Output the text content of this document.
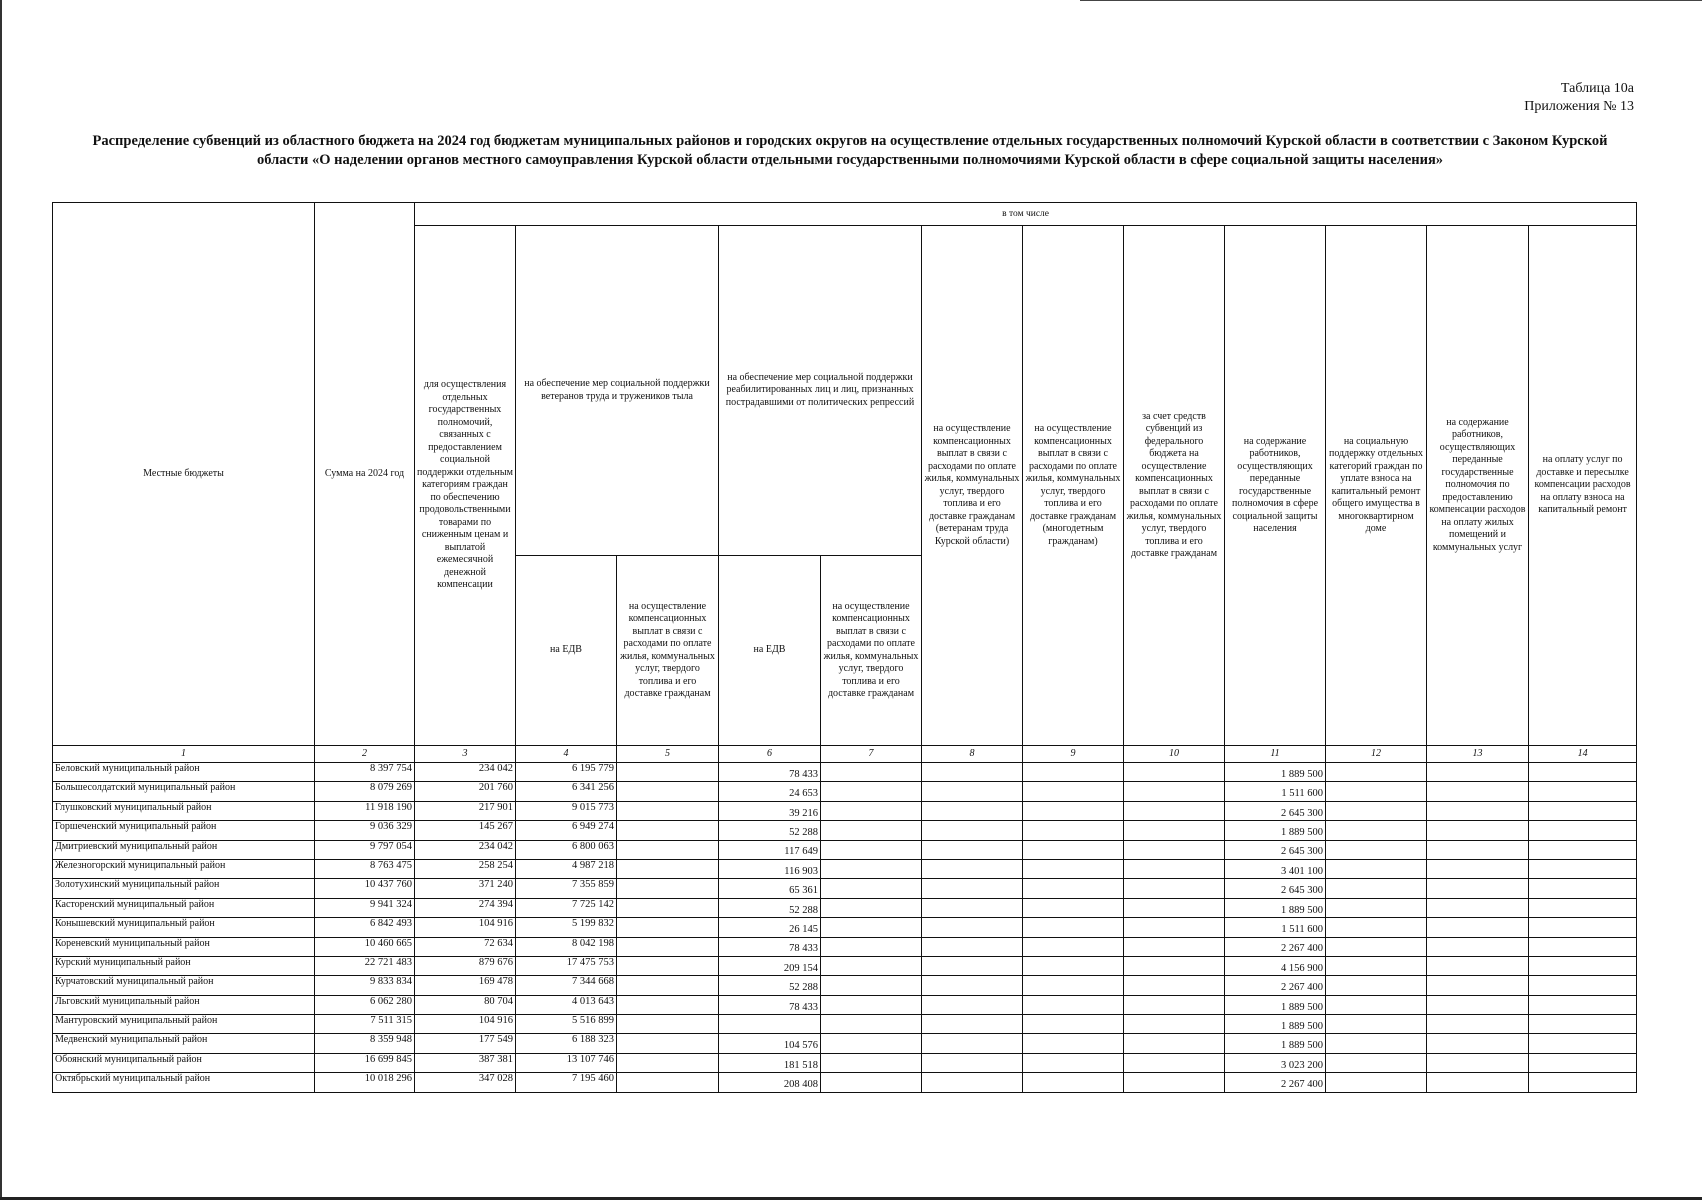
Таблица 10а
Приложения № 13
Распределение субвенций из областного бюджета на 2024 год бюджетам муниципальных районов и городских округов на осуществление отдельных государственных полномочий Курской области в соответствии с Законом Курской области «О наделении органов местного самоуправления Курской области отдельными государственными полномочиями Курской области в сфере социальной защиты населения»
Местные бюджеты	Сумма на 2024 год	в том числе											
		для осуществления отдельных государственных полномочий, связанных с предоставлением социальной поддержки отдельным категориям граждан по обеспечению продовольственными товарами по сниженным ценам и выплатой ежемесячной денежной компенсации	на обеспечение мер социальной поддержки ветеранов труда и тружеников тыла		на обеспечение мер социальной поддержки реабилитированных лиц и лиц, признанных пострадавшими от политических репрессий		на осуществление компенсационных выплат в связи с расходами по оплате жилья, коммунальных услуг, твердого топлива и его доставке гражданам (ветеранам труда Курской области)	на осуществление компенсационных выплат в связи с расходами по оплате жилья, коммунальных услуг, твердого топлива и его доставке гражданам (многодетным гражданам)	за счет средств субвенций из федерального бюджета на осуществление компенсационных выплат в связи с расходами по оплате жилья, коммунальных услуг, твердого топлива и его доставке гражданам	на содержание работников, осуществляющих переданные государственные полномочия в сфере социальной защиты населения	на социальную поддержку отдельных категорий граждан по уплате взноса на капитальный ремонт общего имущества в многоквартирном доме	на содержание работников, осуществляющих переданные государственные полномочия по предоставлению компенсации расходов на оплату жилых помещений и коммунальных услуг	на оплату услуг по доставке и пересылке компенсации расходов на оплату взноса на капитальный ремонт
			на ЕДВ	на осуществление компенсационных выплат в связи с расходами по оплате жилья, коммунальных услуг, твердого топлива и его доставке гражданам	на ЕДВ	на осуществление компенсационных выплат в связи с расходами по оплате жилья, коммунальных услуг, твердого топлива и его доставке гражданам							
1	2	3	4	5	6	7	8	9	10	11	12	13	14
Беловский муниципальный район	8 397 754	234 042	6 195 779		78 433					1 889 500			
Большесолдатский муниципальный район	8 079 269	201 760	6 341 256		24 653					1 511 600			
Глушковский муниципальный район	11 918 190	217 901	9 015 773		39 216					2 645 300			
Горшеченский муниципальный район	9 036 329	145 267	6 949 274		52 288					1 889 500			
Дмитриевский муниципальный район	9 797 054	234 042	6 800 063		117 649					2 645 300			
Железногорский муниципальный район	8 763 475	258 254	4 987 218		116 903					3 401 100			
Золотухинский муниципальный район	10 437 760	371 240	7 355 859		65 361					2 645 300			
Касторенский муниципальный район	9 941 324	274 394	7 725 142		52 288					1 889 500			
Конышевский муниципальный район	6 842 493	104 916	5 199 832		26 145					1 511 600			
Кореневский муниципальный район	10 460 665	72 634	8 042 198		78 433					2 267 400			
Курский муниципальный район	22 721 483	879 676	17 475 753		209 154					4 156 900			
Курчатовский муниципальный район	9 833 834	169 478	7 344 668		52 288					2 267 400			
Льговский муниципальный район	6 062 280	80 704	4 013 643		78 433					1 889 500			
Мантуровский муниципальный район	7 511 315	104 916	5 516 899							1 889 500			
Медвенский муниципальный район	8 359 948	177 549	6 188 323		104 576					1 889 500			
Обоянский муниципальный район	16 699 845	387 381	13 107 746		181 518					3 023 200			
Октябрьский муниципальный район	10 018 296	347 028	7 195 460		208 408					2 267 400			
